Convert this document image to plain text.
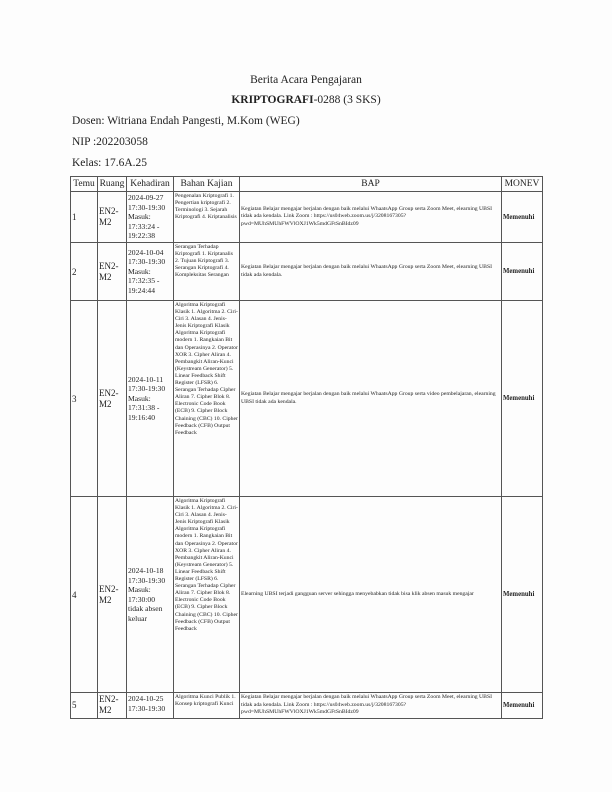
Berita Acara Pengajaran
KRIPTOGRAFI-0288 (3 SKS)
Dosen: Witriana Endah Pangesti, M.Kom (WEG)
NIP :202203058
Kelas: 17.6A.25
Temu	Ruang	Kehadiran	Bahan Kajian	BAP	MONEV
1	EN2-M2	2024-09-27 17:30-19:30 Masuk: 17:33:24 - 19:22:38	Pengenalan Kriptografi 1. Pengertian kriptografi 2. Terminologi 3. Sejarah Kriptografi 4. Kriptanalisis	Kegiatan Belajar mengajar berjalan dengan baik melalui WhaatsApp Group serta Zoom Meet, elearning UBSI tidak ada kendala. Link Zoom : https://us04web.zoom.us/j/3208167305?pwd=MUhSMUhFWVlOXJ1Wk5mdGFtSnBIdz09	Memenuhi
2	EN2-M2	2024-10-04 17:30-19:30 Masuk: 17:32:35 - 19:24:44	Serangan Terhadap Kriptografi 1. Kriptanalis 2. Tujuan Kriptografi 3. Serangan Kriptografi 4. Kompleksitas Serangan	Kegiatan Belajar mengajar berjalan dengan baik melalui WhaatsApp Group serta Zoom Meet, elearning UBSI tidak ada kendala.	Memenuhi
3	EN2-M2	2024-10-11 17:30-19:30 Masuk: 17:31:38 - 19:16:40	Algoritma Kriptografi Klasik 1. Algoritma 2. Ciri-Ciri 3. Alasan 4. Jenis-Jenis Kriptografi Klasik Algoritma Kriptografi modern 1. Rangkaian Bit dan Operasinya 2. Operator XOR 3. Cipher Aliran 4. Pembangkit Aliran-Kunci (Keystream Generator) 5. Linear Feedback Shift Register (LFSR) 6. Serangan Terhadap Cipher Aliran 7. Cipher Blok 8. Electronic Code Book (ECB) 9. Cipher Block Chaining (CBC) 10. Cipher Feedback (CFB) Output Feedback	Kegiatan Belajar mengajar berjalan dengan baik melalui WhaatsApp Group serta video pembelajaran, elearning UBSI tidak ada kendala.	Memenuhi
4	EN2-M2	2024-10-18 17:30-19:30 Masuk: 17:30:00 tidak absen keluar	Algoritma Kriptografi Klasik 1. Algoritma 2. Ciri-Ciri 3. Alasan 4. Jenis-Jenis Kriptografi Klasik Algoritma Kriptografi modern 1. Rangkaian Bit dan Operasinya 2. Operator XOR 3. Cipher Aliran 4. Pembangkit Aliran-Kunci (Keystream Generator) 5. Linear Feedback Shift Register (LFSR) 6. Serangan Terhadap Cipher Aliran 7. Cipher Blok 8. Electronic Code Book (ECB) 9. Cipher Block Chaining (CBC) 10. Cipher Feedback (CFB) Output Feedback	Elearning UBSI terjadi gangguan server sehingga menyebabkan tidak bisa klik absen masuk mengajar	Memenuhi
5	EN2-M2	2024-10-25 17:30-19:30	Algoritma Kunci Publik 1. Konsep kriptografi Kunci	Kegiatan Belajar mengajar berjalan dengan baik melalui WhaatsApp Group serta Zoom Meet, elearning UBSI tidak ada kendala. Link Zoom : https://us04web.zoom.us/j/3208167305?pwd=MUhSMUhFWVlOXJ1Wk5mdGFtSnBIdz09	Memenuhi
